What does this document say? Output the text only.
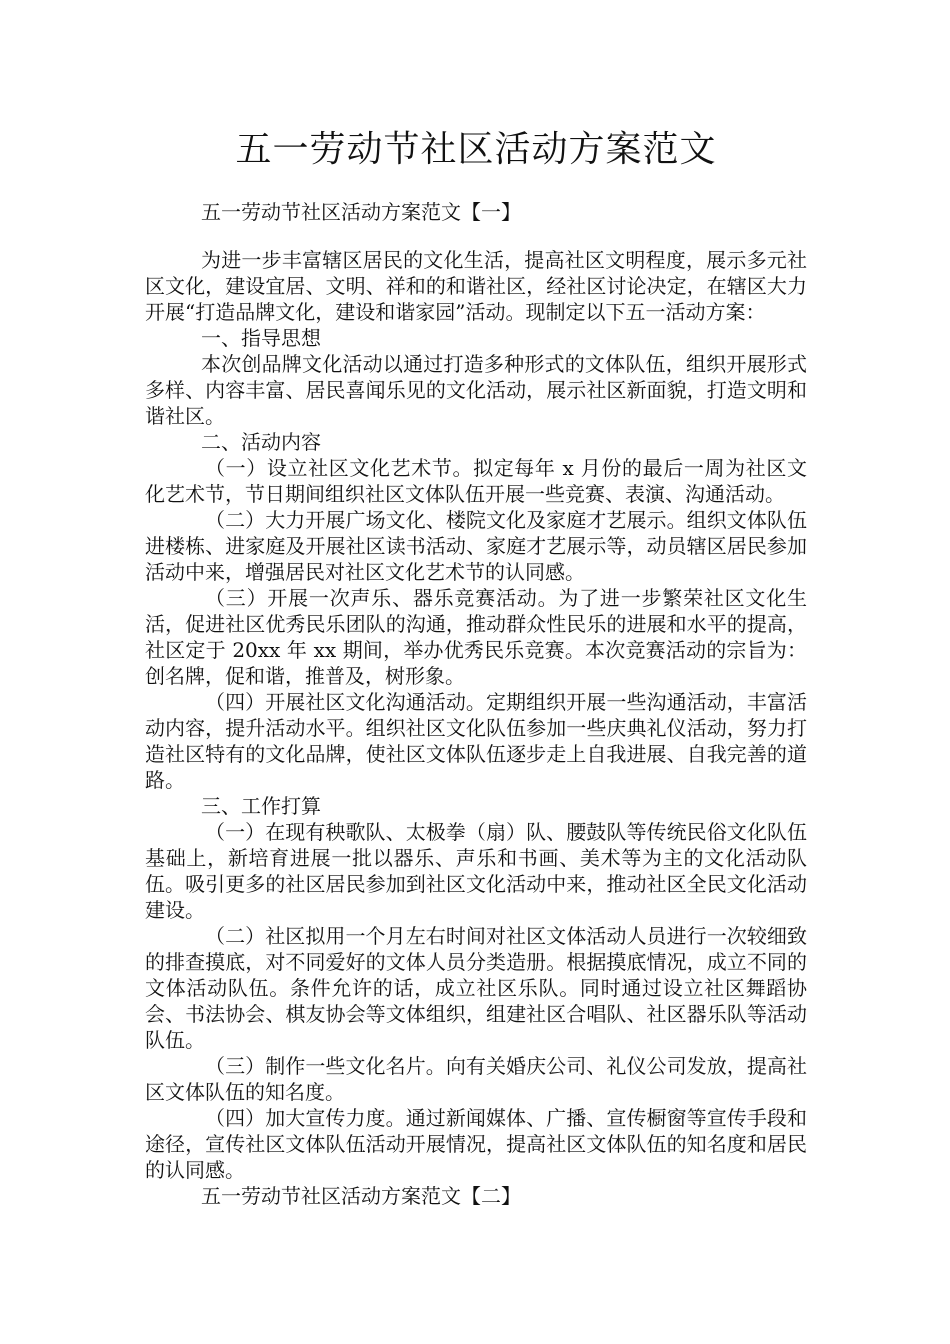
五一劳动节社区活动方案范文

五一劳动节社区活动方案范文【一】

为进一步丰富辖区居民的文化生活，提高社区文明程度，展示多元社区文化，建设宜居、文明、祥和的和谐社区，经社区讨论决定，在辖区大力开展“打造品牌文化，建设和谐家园”活动。现制定以下五一活动方案：

一、指导思想

本次创品牌文化活动以通过打造多种形式的文体队伍，组织开展形式多样、内容丰富、居民喜闻乐见的文化活动，展示社区新面貌，打造文明和谐社区。

二、活动内容

（一）设立社区文化艺术节。拟定每年 x 月份的最后一周为社区文化艺术节，节日期间组织社区文体队伍开展一些竞赛、表演、沟通活动。

（二）大力开展广场文化、楼院文化及家庭才艺展示。组织文体队伍进楼栋、进家庭及开展社区读书活动、家庭才艺展示等，动员辖区居民参加活动中来，增强居民对社区文化艺术节的认同感。

（三）开展一次声乐、器乐竞赛活动。为了进一步繁荣社区文化生活，促进社区优秀民乐团队的沟通，推动群众性民乐的进展和水平的提高，社区定于 20xx 年 xx 期间，举办优秀民乐竞赛。本次竞赛活动的宗旨为：创名牌，促和谐，推普及，树形象。

（四）开展社区文化沟通活动。定期组织开展一些沟通活动，丰富活动内容，提升活动水平。组织社区文化队伍参加一些庆典礼仪活动，努力打造社区特有的文化品牌，使社区文体队伍逐步走上自我进展、自我完善的道路。

三、工作打算

（一）在现有秧歌队、太极拳（扇）队、腰鼓队等传统民俗文化队伍基础上，新培育进展一批以器乐、声乐和书画、美术等为主的文化活动队伍。吸引更多的社区居民参加到社区文化活动中来，推动社区全民文化活动建设。

（二）社区拟用一个月左右时间对社区文体活动人员进行一次较细致的排查摸底，对不同爱好的文体人员分类造册。根据摸底情况，成立不同的文体活动队伍。条件允许的话，成立社区乐队。同时通过设立社区舞蹈协会、书法协会、棋友协会等文体组织，组建社区合唱队、社区器乐队等活动队伍。

（三）制作一些文化名片。向有关婚庆公司、礼仪公司发放，提高社区文体队伍的知名度。

（四）加大宣传力度。通过新闻媒体、广播、宣传橱窗等宣传手段和途径，宣传社区文体队伍活动开展情况，提高社区文体队伍的知名度和居民的认同感。

五一劳动节社区活动方案范文【二】
